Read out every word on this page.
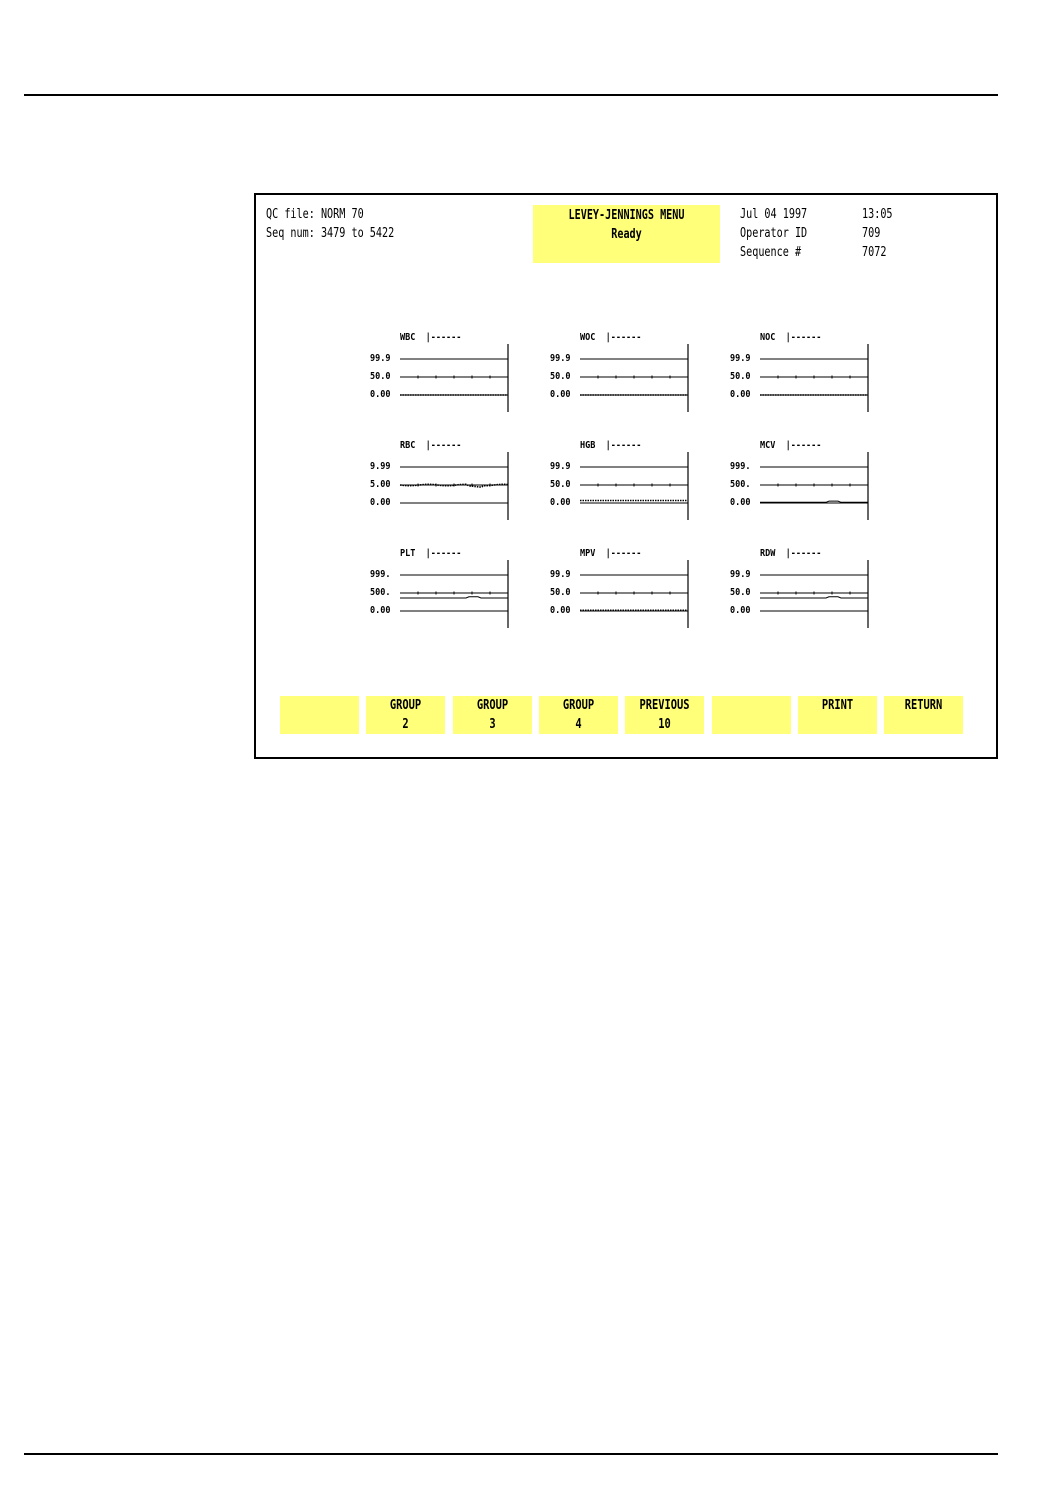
QC file: NORM 70
Seq num: 3479 to 5422
LEVEY-JENNINGS MENU
Ready
Jul 04 1997	13:05
Operator ID	709
Sequence #	7072
WBC  |------
99.9
50.0
0.00
WOC  |------
99.9
50.0
0.00
NOC  |------
99.9
50.0
0.00
RBC  |------
9.99
5.00
0.00
HGB  |------
99.9
50.0
0.00
MCV  |------
999.
500.
0.00
PLT  |------
999.
500.
0.00
MPV  |------
99.9
50.0
0.00
RDW  |------
99.9
50.0
0.00
GROUP
2
GROUP
3
GROUP
4
PREVIOUS
10
PRINT	RETURN
